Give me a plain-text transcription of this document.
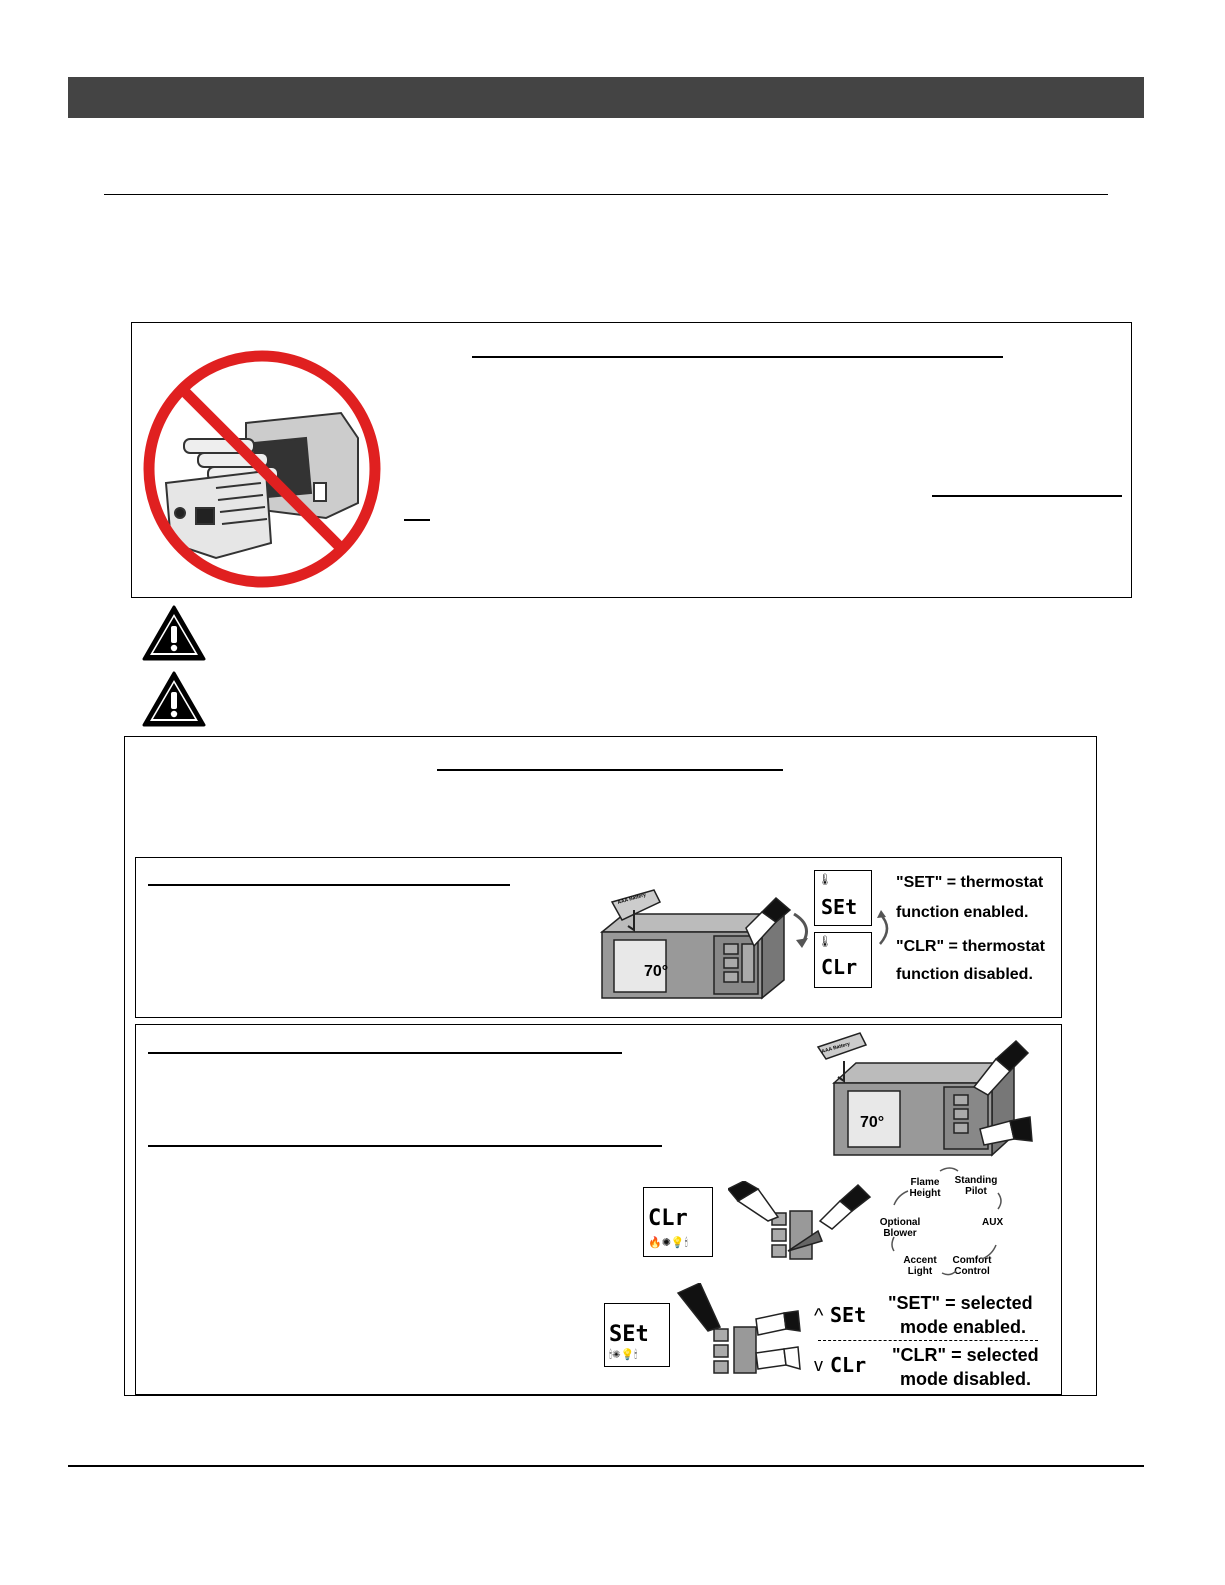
AAA Battery
70°
🌡
SEt
🌡
CLr
"SET" = thermostat
function enabled.
"CLR" = thermostat
function disabled.
AAA Battery
70°
CLr
🔥✺💡🕯
Flame Height
Standing Pilot
Optional Blower
AUX
Accent Light
Comfort Control
SEt
🕯✺💡🕯
^ SEt
v CLr
"SET" = selected
mode enabled.
"CLR" = selected
mode disabled.
